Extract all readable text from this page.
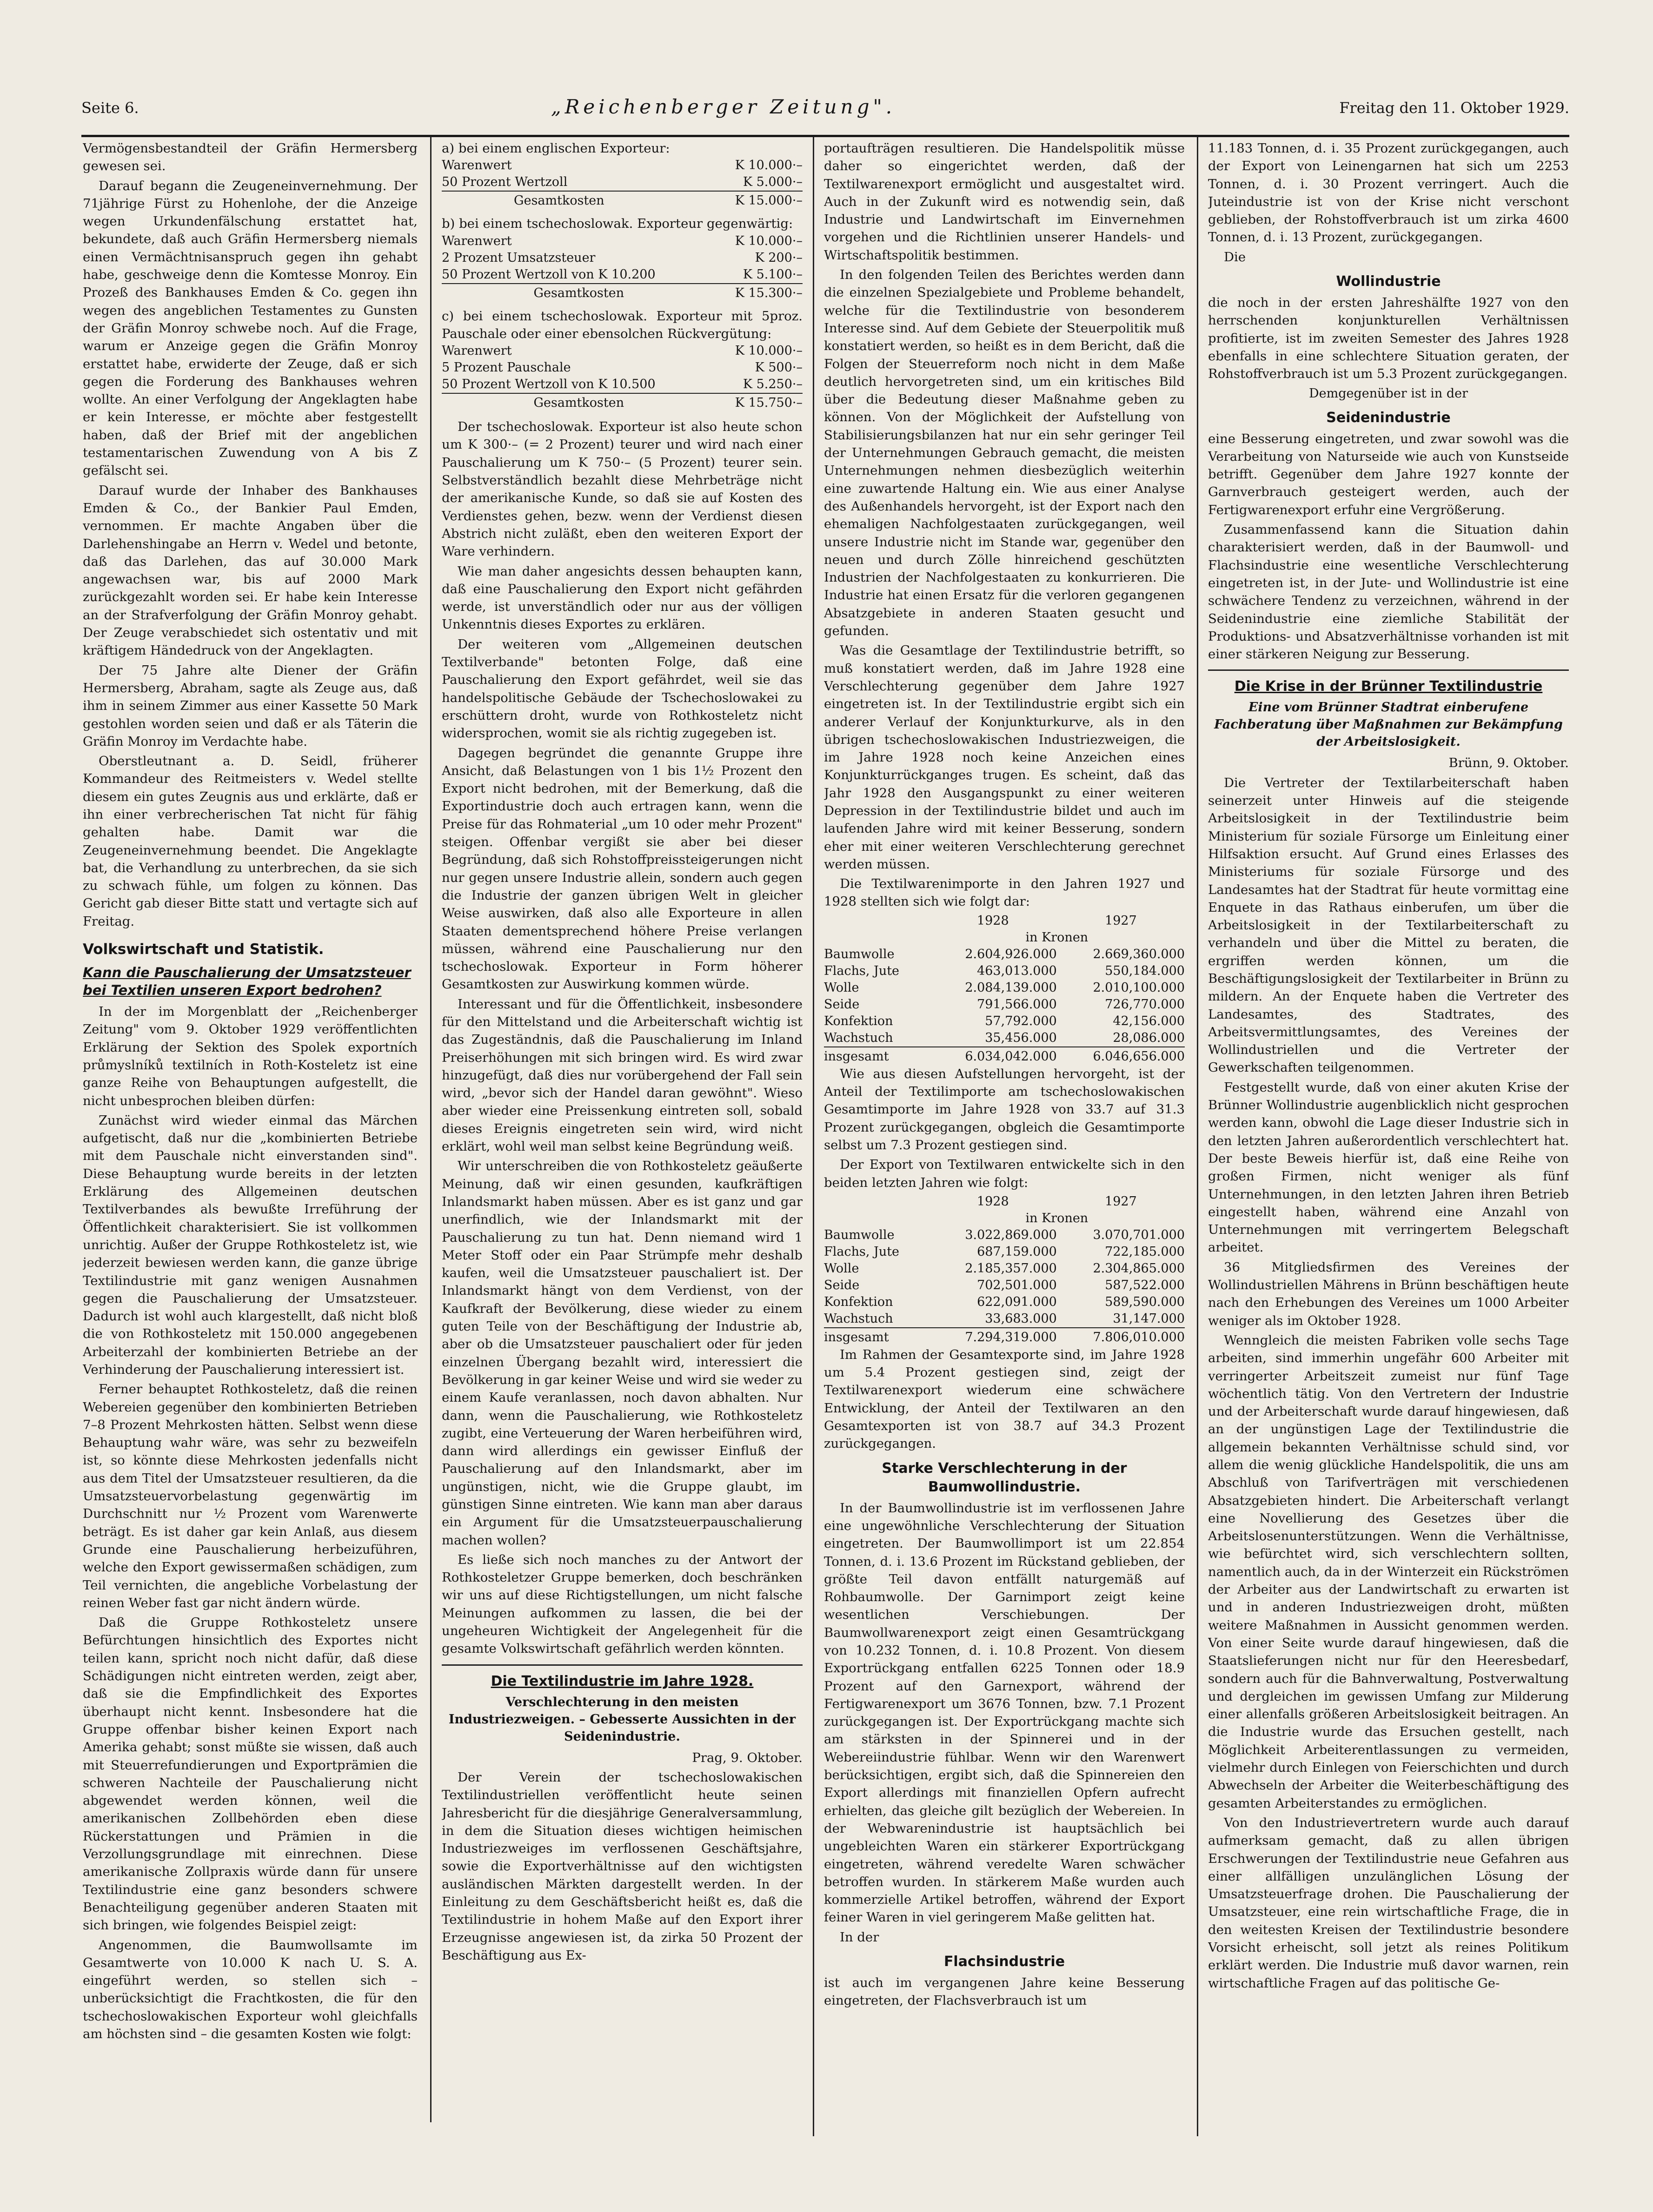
Seite 6.	„Reichenberger Zeitung".	Freitag den 11. Oktober 1929.

Vermögensbestandteil der Gräfin Hermersberg gewesen sei.

Darauf begann die Zeugeneinvernehmung. Der 71jährige Fürst zu Hohenlohe, der die Anzeige wegen Urkundenfälschung erstattet hat, bekundete, daß auch Gräfin Hermersberg niemals einen Vermächtnisanspruch gegen ihn gehabt habe, geschweige denn die Komtesse Monroy. Ein Prozeß des Bankhauses Emden & Co. gegen ihn wegen des angeblichen Testamentes zu Gunsten der Gräfin Monroy schwebe noch. Auf die Frage, warum er Anzeige gegen die Gräfin Monroy erstattet habe, erwiderte der Zeuge, daß er sich gegen die Forderung des Bankhauses wehren wollte. An einer Verfolgung der Angeklagten habe er kein Interesse, er möchte aber festgestellt haben, daß der Brief mit der angeblichen testamentarischen Zuwendung von A bis Z gefälscht sei.

Darauf wurde der Inhaber des Bankhauses Emden & Co., der Bankier Paul Emden, vernommen. Er machte Angaben über die Darlehenshingabe an Herrn v. Wedel und betonte, daß das Darlehen, das auf 30.000 Mark angewachsen war, bis auf 2000 Mark zurückgezahlt worden sei. Er habe kein Interesse an der Strafverfolgung der Gräfin Monroy gehabt. Der Zeuge verabschiedet sich ostentativ und mit kräftigem Händedruck von der Angeklagten.

Der 75 Jahre alte Diener der Gräfin Hermersberg, Abraham, sagte als Zeuge aus, daß ihm in seinem Zimmer aus einer Kassette 50 Mark gestohlen worden seien und daß er als Täterin die Gräfin Monroy im Verdachte habe.

Oberstleutnant a. D. Seidl, früherer Kommandeur des Reitmeisters v. Wedel stellte diesem ein gutes Zeugnis aus und erklärte, daß er ihn einer verbrecherischen Tat nicht für fähig gehalten habe. Damit war die Zeugeneinvernehmung beendet. Die Angeklagte bat, die Verhandlung zu unterbrechen, da sie sich zu schwach fühle, um folgen zu können. Das Gericht gab dieser Bitte statt und vertagte sich auf Freitag.

Volkswirtschaft und Statistik.
Kann die Pauschalierung der Umsatzsteuer bei Textilien unseren Export bedrohen?

In der im Morgenblatt der „Reichenberger Zeitung" vom 9. Oktober 1929 veröffentlichten Erklärung der Sektion des Spolek exportních průmyslníků textilních in Roth-Kosteletz ist eine ganze Reihe von Behauptungen aufgestellt, die nicht unbesprochen bleiben dürfen:

Zunächst wird wieder einmal das Märchen aufgetischt, daß nur die „kombinierten Betriebe mit dem Pauschale nicht einverstanden sind". Diese Behauptung wurde bereits in der letzten Erklärung des Allgemeinen deutschen Textilverbandes als bewußte Irreführung der Öffentlichkeit charakterisiert. Sie ist vollkommen unrichtig. Außer der Gruppe Rothkosteletz ist, wie jederzeit bewiesen werden kann, die ganze übrige Textilindustrie mit ganz wenigen Ausnahmen gegen die Pauschalierung der Umsatzsteuer. Dadurch ist wohl auch klargestellt, daß nicht bloß die von Rothkosteletz mit 150.000 angegebenen Arbeiterzahl der kombinierten Betriebe an der Verhinderung der Pauschalierung interessiert ist.

Ferner behauptet Rothkosteletz, daß die reinen Webereien gegenüber den kombinierten Betrieben 7–8 Prozent Mehrkosten hätten. Selbst wenn diese Behauptung wahr wäre, was sehr zu bezweifeln ist, so könnte diese Mehrkosten jedenfalls nicht aus dem Titel der Umsatzsteuer resultieren, da die Umsatzsteuervorbelastung gegenwärtig im Durchschnitt nur ½ Prozent vom Warenwerte beträgt. Es ist daher gar kein Anlaß, aus diesem Grunde eine Pauschalierung herbeizuführen, welche den Export gewissermaßen schädigen, zum Teil vernichten, die angebliche Vorbelastung der reinen Weber fast gar nicht ändern würde.

Daß die Gruppe Rothkosteletz unsere Befürchtungen hinsichtlich des Exportes nicht teilen kann, spricht noch nicht dafür, daß diese Schädigungen nicht eintreten werden, zeigt aber, daß sie die Empfindlichkeit des Exportes überhaupt nicht kennt. Insbesondere hat die Gruppe offenbar bisher keinen Export nach Amerika gehabt; sonst müßte sie wissen, daß auch mit Steuerrefundierungen und Exportprämien die schweren Nachteile der Pauschalierung nicht abgewendet werden können, weil die amerikanischen Zollbehörden eben diese Rückerstattungen und Prämien in die Verzollungsgrundlage mit einrechnen. Diese amerikanische Zollpraxis würde dann für unsere Textilindustrie eine ganz besonders schwere Benachteiligung gegenüber anderen Staaten mit sich bringen, wie folgendes Beispiel zeigt:

Angenommen, die Baumwollsamte im Gesamtwerte von 10.000 K nach U. S. A. eingeführt werden, so stellen sich – unberücksichtigt die Frachtkosten, die für den tschechoslowakischen Exporteur wohl gleichfalls am höchsten sind – die gesamten Kosten wie folgt:

a) bei einem englischen Exporteur:
Warenwert	K 10.000·–
50 Prozent Wertzoll	K 5.000·–
Gesamtkosten	K 15.000·–
b) bei einem tschechoslowak. Exporteur gegenwärtig:
Warenwert	K 10.000·–
2 Prozent Umsatzsteuer	K 200·–
50 Prozent Wertzoll von K 10.200	K 5.100·–
Gesamtkosten	K 15.300·–
c) bei einem tschechoslowak. Exporteur mit 5proz. Pauschale oder einer ebensolchen Rückvergütung:
Warenwert	K 10.000·–
5 Prozent Pauschale	K 500·–
50 Prozent Wertzoll von K 10.500	K 5.250·–
Gesamtkosten	K 15.750·–

Der tschechoslowak. Exporteur ist also heute schon um K 300·– (= 2 Prozent) teurer und wird nach einer Pauschalierung um K 750·– (5 Prozent) teurer sein. Selbstverständlich bezahlt diese Mehrbeträge nicht der amerikanische Kunde, so daß sie auf Kosten des Verdienstes gehen, bezw. wenn der Verdienst diesen Abstrich nicht zuläßt, eben den weiteren Export der Ware verhindern.

Wie man daher angesichts dessen behaupten kann, daß eine Pauschalierung den Export nicht gefährden werde, ist unverständlich oder nur aus der völligen Unkenntnis dieses Exportes zu erklären.

Der weiteren vom „Allgemeinen deutschen Textilverbande" betonten Folge, daß eine Pauschalierung den Export gefährdet, weil sie das handelspolitische Gebäude der Tschechoslowakei zu erschüttern droht, wurde von Rothkosteletz nicht widersprochen, womit sie als richtig zugegeben ist.

Dagegen begründet die genannte Gruppe ihre Ansicht, daß Belastungen von 1 bis 1½ Prozent den Export nicht bedrohen, mit der Bemerkung, daß die Exportindustrie doch auch ertragen kann, wenn die Preise für das Rohmaterial „um 10 oder mehr Prozent" steigen. Offenbar vergißt sie aber bei dieser Begründung, daß sich Rohstoffpreissteigerungen nicht nur gegen unsere Industrie allein, sondern auch gegen die Industrie der ganzen übrigen Welt in gleicher Weise auswirken, daß also alle Exporteure in allen Staaten dementsprechend höhere Preise verlangen müssen, während eine Pauschalierung nur den tschechoslowak. Exporteur in Form höherer Gesamtkosten zur Auswirkung kommen würde.

Interessant und für die Öffentlichkeit, insbesondere für den Mittelstand und die Arbeiterschaft wichtig ist das Zugeständnis, daß die Pauschalierung im Inland Preiserhöhungen mit sich bringen wird. Es wird zwar hinzugefügt, daß dies nur vorübergehend der Fall sein wird, „bevor sich der Handel daran gewöhnt". Wieso aber wieder eine Preissenkung eintreten soll, sobald dieses Ereignis eingetreten sein wird, wird nicht erklärt, wohl weil man selbst keine Begründung weiß.

Wir unterschreiben die von Rothkosteletz geäußerte Meinung, daß wir einen gesunden, kaufkräftigen Inlandsmarkt haben müssen. Aber es ist ganz und gar unerfindlich, wie der Inlandsmarkt mit der Pauschalierung zu tun hat. Denn niemand wird 1 Meter Stoff oder ein Paar Strümpfe mehr deshalb kaufen, weil die Umsatzsteuer pauschaliert ist. Der Inlandsmarkt hängt von dem Verdienst, von der Kaufkraft der Bevölkerung, diese wieder zu einem guten Teile von der Beschäftigung der Industrie ab, aber ob die Umsatzsteuer pauschaliert oder für jeden einzelnen Übergang bezahlt wird, interessiert die Bevölkerung in gar keiner Weise und wird sie weder zu einem Kaufe veranlassen, noch davon abhalten. Nur dann, wenn die Pauschalierung, wie Rothkosteletz zugibt, eine Verteuerung der Waren herbeiführen wird, dann wird allerdings ein gewisser Einfluß der Pauschalierung auf den Inlandsmarkt, aber im ungünstigen, nicht, wie die Gruppe glaubt, im günstigen Sinne eintreten. Wie kann man aber daraus ein Argument für die Umsatzsteuerpauschalierung machen wollen?

Es ließe sich noch manches zu der Antwort der Rothkosteletzer Gruppe bemerken, doch beschränken wir uns auf diese Richtigstellungen, um nicht falsche Meinungen aufkommen zu lassen, die bei der ungeheuren Wichtigkeit der Angelegenheit für die gesamte Volkswirtschaft gefährlich werden könnten.

Die Textilindustrie im Jahre 1928.
Verschlechterung in den meisten Industriezweigen. – Gebesserte Aussichten in der Seidenindustrie.
Prag, 9. Oktober.

Der Verein der tschechoslowakischen Textilindustriellen veröffentlicht heute seinen Jahresbericht für die diesjährige Generalversammlung, in dem die Situation dieses wichtigen heimischen Industriezweiges im verflossenen Geschäftsjahre, sowie die Exportverhältnisse auf den wichtigsten ausländischen Märkten dargestellt werden. In der Einleitung zu dem Geschäftsbericht heißt es, daß die Textilindustrie in hohem Maße auf den Export ihrer Erzeugnisse angewiesen ist, da zirka 50 Prozent der Beschäftigung aus Ex-

portaufträgen resultieren. Die Handelspolitik müsse daher so eingerichtet werden, daß der Textilwarenexport ermöglicht und ausgestaltet wird. Auch in der Zukunft wird es notwendig sein, daß Industrie und Landwirtschaft im Einvernehmen vorgehen und die Richtlinien unserer Handels- und Wirtschaftspolitik bestimmen.

In den folgenden Teilen des Berichtes werden dann die einzelnen Spezialgebiete und Probleme behandelt, welche für die Textilindustrie von besonderem Interesse sind. Auf dem Gebiete der Steuerpolitik muß konstatiert werden, so heißt es in dem Bericht, daß die Folgen der Steuerreform noch nicht in dem Maße deutlich hervorgetreten sind, um ein kritisches Bild über die Bedeutung dieser Maßnahme geben zu können. Von der Möglichkeit der Aufstellung von Stabilisierungsbilanzen hat nur ein sehr geringer Teil der Unternehmungen Gebrauch gemacht, die meisten Unternehmungen nehmen diesbezüglich weiterhin eine zuwartende Haltung ein. Wie aus einer Analyse des Außenhandels hervorgeht, ist der Export nach den ehemaligen Nachfolgestaaten zurückgegangen, weil unsere Industrie nicht im Stande war, gegenüber den neuen und durch Zölle hinreichend geschützten Industrien der Nachfolgestaaten zu konkurrieren. Die Industrie hat einen Ersatz für die verloren gegangenen Absatzgebiete in anderen Staaten gesucht und gefunden.

Was die Gesamtlage der Textilindustrie betrifft, so muß konstatiert werden, daß im Jahre 1928 eine Verschlechterung gegenüber dem Jahre 1927 eingetreten ist. In der Textilindustrie ergibt sich ein anderer Verlauf der Konjunkturkurve, als in den übrigen tschechoslowakischen Industriezweigen, die im Jahre 1928 noch keine Anzeichen eines Konjunkturrückganges trugen. Es scheint, daß das Jahr 1928 den Ausgangspunkt zu einer weiteren Depression in der Textilindustrie bildet und auch im laufenden Jahre wird mit keiner Besserung, sondern eher mit einer weiteren Verschlechterung gerechnet werden müssen.

Die Textilwarenimporte in den Jahren 1927 und 1928 stellten sich wie folgt dar:

	1928	1927
	in Kronen	
Baumwolle	2.604,926.000	2.669,360.000
Flachs, Jute	463,013.000	550,184.000
Wolle	2.084,139.000	2.010,100.000
Seide	791,566.000	726,770.000
Konfektion	57,792.000	42,156.000
Wachstuch	35,456.000	28,086.000
insgesamt	6.034,042.000	6.046,656.000

Wie aus diesen Aufstellungen hervorgeht, ist der Anteil der Textilimporte am tschechoslowakischen Gesamtimporte im Jahre 1928 von 33.7 auf 31.3 Prozent zurückgegangen, obgleich die Gesamtimporte selbst um 7.3 Prozent gestiegen sind.

Der Export von Textilwaren entwickelte sich in den beiden letzten Jahren wie folgt:

	1928	1927
	in Kronen	
Baumwolle	3.022,869.000	3.070,701.000
Flachs, Jute	687,159.000	722,185.000
Wolle	2.185,357.000	2.304,865.000
Seide	702,501.000	587,522.000
Konfektion	622,091.000	589,590.000
Wachstuch	33,683.000	31,147.000
insgesamt	7.294,319.000	7.806,010.000

Im Rahmen der Gesamtexporte sind, im Jahre 1928 um 5.4 Prozent gestiegen sind, zeigt der Textilwarenexport wiederum eine schwächere Entwicklung, der Anteil der Textilwaren an den Gesamtexporten ist von 38.7 auf 34.3 Prozent zurückgegangen.

Starke Verschlechterung in der Baumwollindustrie.

In der Baumwollindustrie ist im verflossenen Jahre eine ungewöhnliche Verschlechterung der Situation eingetreten. Der Baumwollimport ist um 22.854 Tonnen, d. i. 13.6 Prozent im Rückstand geblieben, der größte Teil davon entfällt naturgemäß auf Rohbaumwolle. Der Garnimport zeigt keine wesentlichen Verschiebungen. Der Baumwollwarenexport zeigt einen Gesamtrückgang von 10.232 Tonnen, d. i. 10.8 Prozent. Von diesem Exportrückgang entfallen 6225 Tonnen oder 18.9 Prozent auf den Garnexport, während der Fertigwarenexport um 3676 Tonnen, bzw. 7.1 Prozent zurückgegangen ist. Der Exportrückgang machte sich am stärksten in der Spinnerei und in der Webereiindustrie fühlbar. Wenn wir den Warenwert berücksichtigen, ergibt sich, daß die Spinnereien den Export allerdings mit finanziellen Opfern aufrecht erhielten, das gleiche gilt bezüglich der Webereien. In der Webwarenindustrie ist hauptsächlich bei ungebleichten Waren ein stärkerer Exportrückgang eingetreten, während veredelte Waren schwächer betroffen wurden. In stärkerem Maße wurden auch kommerzielle Artikel betroffen, während der Export feiner Waren in viel geringerem Maße gelitten hat.

In der

Flachsindustrie

ist auch im vergangenen Jahre keine Besserung eingetreten, der Flachsverbrauch ist um

11.183 Tonnen, d. i. 35 Prozent zurückgegangen, auch der Export von Leinengarnen hat sich um 2253 Tonnen, d. i. 30 Prozent verringert. Auch die Juteindustrie ist von der Krise nicht verschont geblieben, der Rohstoffverbrauch ist um zirka 4600 Tonnen, d. i. 13 Prozent, zurückgegangen.

Die

Wollindustrie

die noch in der ersten Jahreshälfte 1927 von den herrschenden konjunkturellen Verhältnissen profitierte, ist im zweiten Semester des Jahres 1928 ebenfalls in eine schlechtere Situation geraten, der Rohstoffverbrauch ist um 5.3 Prozent zurückgegangen.

Demgegenüber ist in der
Seidenindustrie

eine Besserung eingetreten, und zwar sowohl was die Verarbeitung von Naturseide wie auch von Kunstseide betrifft. Gegenüber dem Jahre 1927 konnte der Garnverbrauch gesteigert werden, auch der Fertigwarenexport erfuhr eine Vergrößerung.

Zusammenfassend kann die Situation dahin charakterisiert werden, daß in der Baumwoll- und Flachsindustrie eine wesentliche Verschlechterung eingetreten ist, in der Jute- und Wollindustrie ist eine schwächere Tendenz zu verzeichnen, während in der Seidenindustrie eine ziemliche Stabilität der Produktions- und Absatzverhältnisse vorhanden ist mit einer stärkeren Neigung zur Besserung.

Die Krise in der Brünner Textilindustrie
Eine vom Brünner Stadtrat einberufene Fachberatung über Maßnahmen zur Bekämpfung der Arbeitslosigkeit.
Brünn, 9. Oktober.

Die Vertreter der Textilarbeiterschaft haben seinerzeit unter Hinweis auf die steigende Arbeitslosigkeit in der Textilindustrie beim Ministerium für soziale Fürsorge um Einleitung einer Hilfsaktion ersucht. Auf Grund eines Erlasses des Ministeriums für soziale Fürsorge und des Landesamtes hat der Stadtrat für heute vormittag eine Enquete in das Rathaus einberufen, um über die Arbeitslosigkeit in der Textilarbeiterschaft zu verhandeln und über die Mittel zu beraten, die ergriffen werden können, um die Beschäftigungslosigkeit der Textilarbeiter in Brünn zu mildern. An der Enquete haben die Vertreter des Landesamtes, des Stadtrates, des Arbeitsvermittlungsamtes, des Vereines der Wollindustriellen und die Vertreter der Gewerkschaften teilgenommen.

Festgestellt wurde, daß von einer akuten Krise der Brünner Wollindustrie augenblicklich nicht gesprochen werden kann, obwohl die Lage dieser Industrie sich in den letzten Jahren außerordentlich verschlechtert hat. Der beste Beweis hierfür ist, daß eine Reihe von großen Firmen, nicht weniger als fünf Unternehmungen, in den letzten Jahren ihren Betrieb eingestellt haben, während eine Anzahl von Unternehmungen mit verringertem Belegschaft arbeitet.

36 Mitgliedsfirmen des Vereines der Wollindustriellen Mährens in Brünn beschäftigen heute nach den Erhebungen des Vereines um 1000 Arbeiter weniger als im Oktober 1928.

Wenngleich die meisten Fabriken volle sechs Tage arbeiten, sind immerhin ungefähr 600 Arbeiter mit verringerter Arbeitszeit zumeist nur fünf Tage wöchentlich tätig. Von den Vertretern der Industrie und der Arbeiterschaft wurde darauf hingewiesen, daß an der ungünstigen Lage der Textilindustrie die allgemein bekannten Verhältnisse schuld sind, vor allem die wenig glückliche Handelspolitik, die uns am Abschluß von Tarifverträgen mit verschiedenen Absatzgebieten hindert. Die Arbeiterschaft verlangt eine Novellierung des Gesetzes über die Arbeitslosenunterstützungen. Wenn die Verhältnisse, wie befürchtet wird, sich verschlechtern sollten, namentlich auch, da in der Winterzeit ein Rückströmen der Arbeiter aus der Landwirtschaft zu erwarten ist und in anderen Industriezweigen droht, müßten weitere Maßnahmen in Aussicht genommen werden. Von einer Seite wurde darauf hingewiesen, daß die Staatslieferungen nicht nur für den Heeresbedarf, sondern auch für die Bahnverwaltung, Postverwaltung und dergleichen im gewissen Umfang zur Milderung einer allenfalls größeren Arbeitslosigkeit beitragen. An die Industrie wurde das Ersuchen gestellt, nach Möglichkeit Arbeiterentlassungen zu vermeiden, vielmehr durch Einlegen von Feierschichten und durch Abwechseln der Arbeiter die Weiterbeschäftigung des gesamten Arbeiterstandes zu ermöglichen.

Von den Industrievertretern wurde auch darauf aufmerksam gemacht, daß zu allen übrigen Erschwerungen der Textilindustrie neue Gefahren aus einer allfälligen unzulänglichen Lösung der Umsatzsteuerfrage drohen. Die Pauschalierung der Umsatzsteuer, eine rein wirtschaftliche Frage, die in den weitesten Kreisen der Textilindustrie besondere Vorsicht erheischt, soll jetzt als reines Politikum erklärt werden. Die Industrie muß davor warnen, rein wirtschaftliche Fragen auf das politische Ge-
